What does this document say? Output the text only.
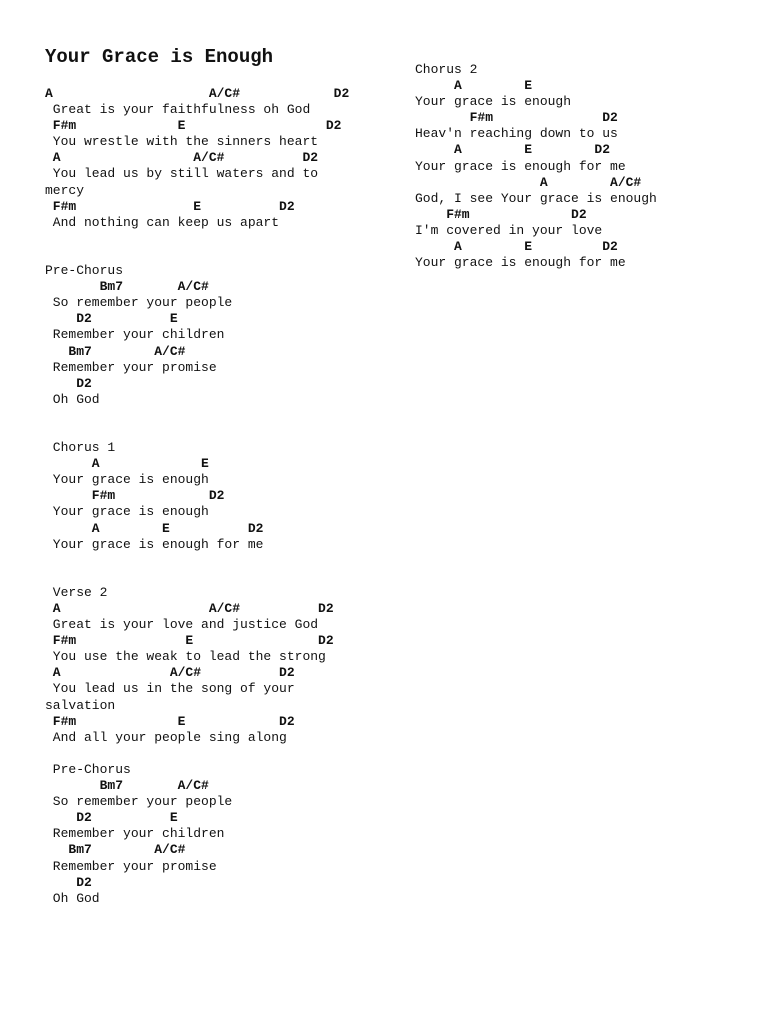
Your Grace is Enough
A                    A/C#            D2
Great is your faithfulness oh God
F#m             E                  D2
You wrestle with the sinners heart
A                 A/C#          D2
You lead us by still waters and to
mercy
F#m               E          D2
And nothing can keep us apart
Pre-Chorus
Bm7       A/C#
So remember your people
D2          E
Remember your children
Bm7        A/C#
Remember your promise
D2
Oh God
Chorus 1
A             E
Your grace is enough
F#m            D2
Your grace is enough
A        E          D2
Your grace is enough for me
Verse 2
A                   A/C#          D2
Great is your love and justice God
F#m              E                D2
You use the weak to lead the strong
A              A/C#          D2
You lead us in the song of your
salvation
F#m             E            D2
And all your people sing along
Pre-Chorus
Bm7       A/C#
So remember your people
D2          E
Remember your children
Bm7        A/C#
Remember your promise
D2
Oh God
Chorus 2
A        E
Your grace is enough
F#m              D2
Heav'n reaching down to us
A        E        D2
Your grace is enough for me
A        A/C#
God, I see Your grace is enough
F#m             D2
I'm covered in your love
A        E         D2
Your grace is enough for me
